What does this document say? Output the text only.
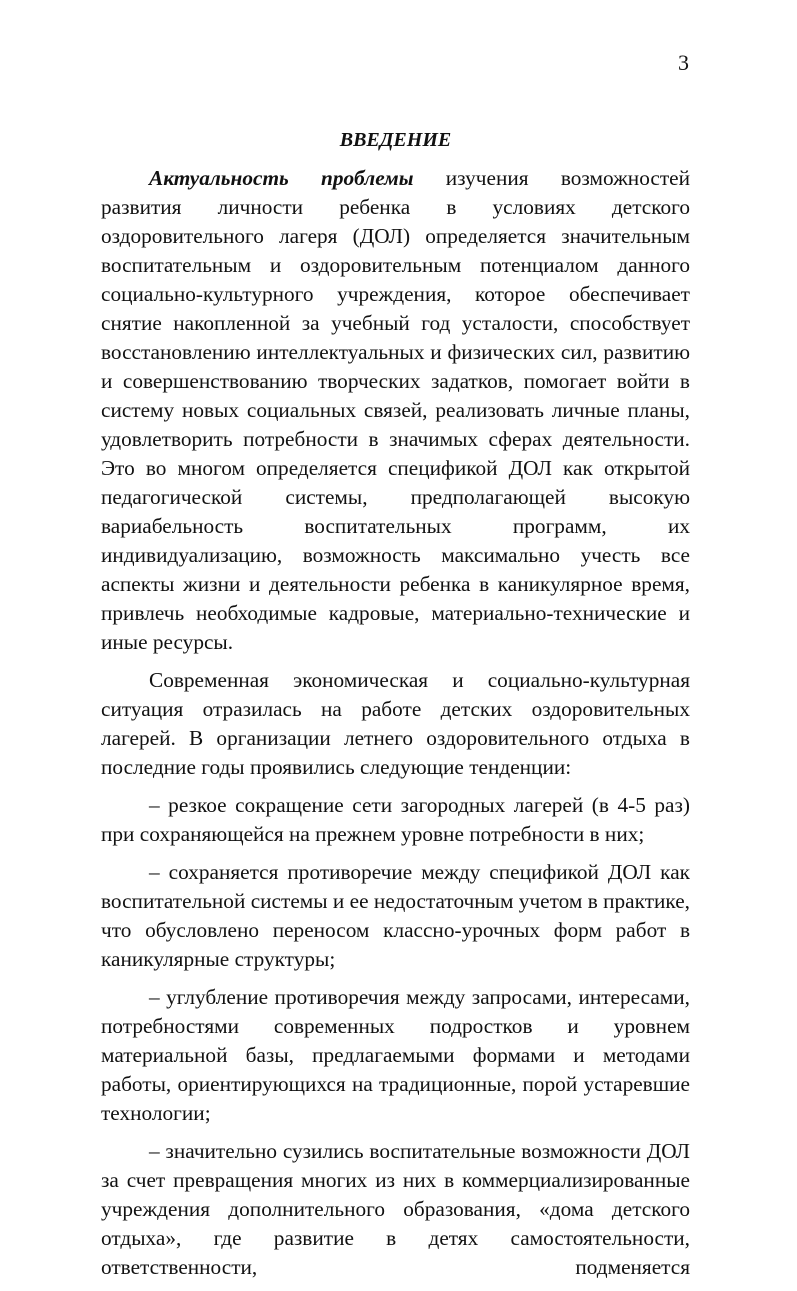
3
ВВЕДЕНИЕ

Актуальность проблемы изучения возможностей развития личности ребенка в условиях детского оздоровительного лагеря (ДОЛ) определяется значительным воспитательным и оздоровительным потенциалом данного социально-культурного учреждения, которое обеспечивает снятие накопленной за учебный год усталости, способствует восстановлению интеллектуальных и физических сил, развитию и совершенствованию творческих задатков, помогает войти в систему новых социальных связей, реализовать личные планы, удовлетворить потребности в значимых сферах деятельности. Это во многом определяется спецификой ДОЛ как открытой педагогической системы, предполагающей высокую вариабельность воспитательных программ, их индивидуализацию, возможность максимально учесть все аспекты жизни и деятельности ребенка в каникулярное время, привлечь необходимые кадровые, материально-технические и иные ресурсы.

Современная экономическая и социально-культурная ситуация отразилась на работе детских оздоровительных лагерей. В организации летнего оздоровительного отдыха в последние годы проявились следующие тенденции:

– резкое сокращение сети загородных лагерей (в 4-5 раз) при сохраняющейся на прежнем уровне потребности в них;

– сохраняется противоречие между спецификой ДОЛ как воспитательной системы и ее недостаточным учетом в практике, что обусловлено переносом классно-урочных форм работ в каникулярные структуры;

– углубление противоречия между запросами, интересами, потребностями современных подростков и уровнем материальной базы, предлагаемыми формами и методами работы, ориентирующихся на традиционные, порой устаревшие технологии;

– значительно сузились воспитательные возможности ДОЛ за счет превращения многих из них в коммерциализированные учреждения дополнительного образования, «дома детского отдыха», где развитие в детях самостоятельности, ответственности, подменяется
